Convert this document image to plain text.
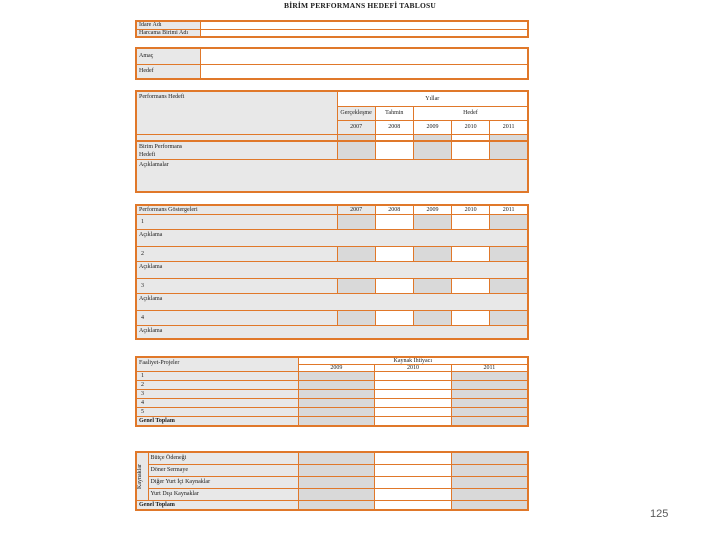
BİRİM PERFORMANS HEDEFİ TABLOSU
İdare Adı	
Harcama Birimi Adı	
Amaç	
Hedef	
Performans Hedefi	Yıllar				
	Gerçekleşme	Tahmin	Hedef		
	2007	2008	2009	2010	2011

Birim Performans
Hedefi

Açıklamalar
Performans Göstergeleri	2007	2008	2009	2010	2011
1					
Açıklama					
2					
Açıklama					
3					
Açıklama					
4					
Açıklama					
Faaliyet-Projeler	Kaynak İhtiyacı		
	2009	2010	2011
1			
2			
3			
4			
5			
Genel Toplam			
Kaynaklar	Bütçe Ödeneği			
	Döner Sermaye			
	Diğer Yurt İçi Kaynaklar			
	Yurt Dışı Kaynaklar			
Genel Toplam				
125
